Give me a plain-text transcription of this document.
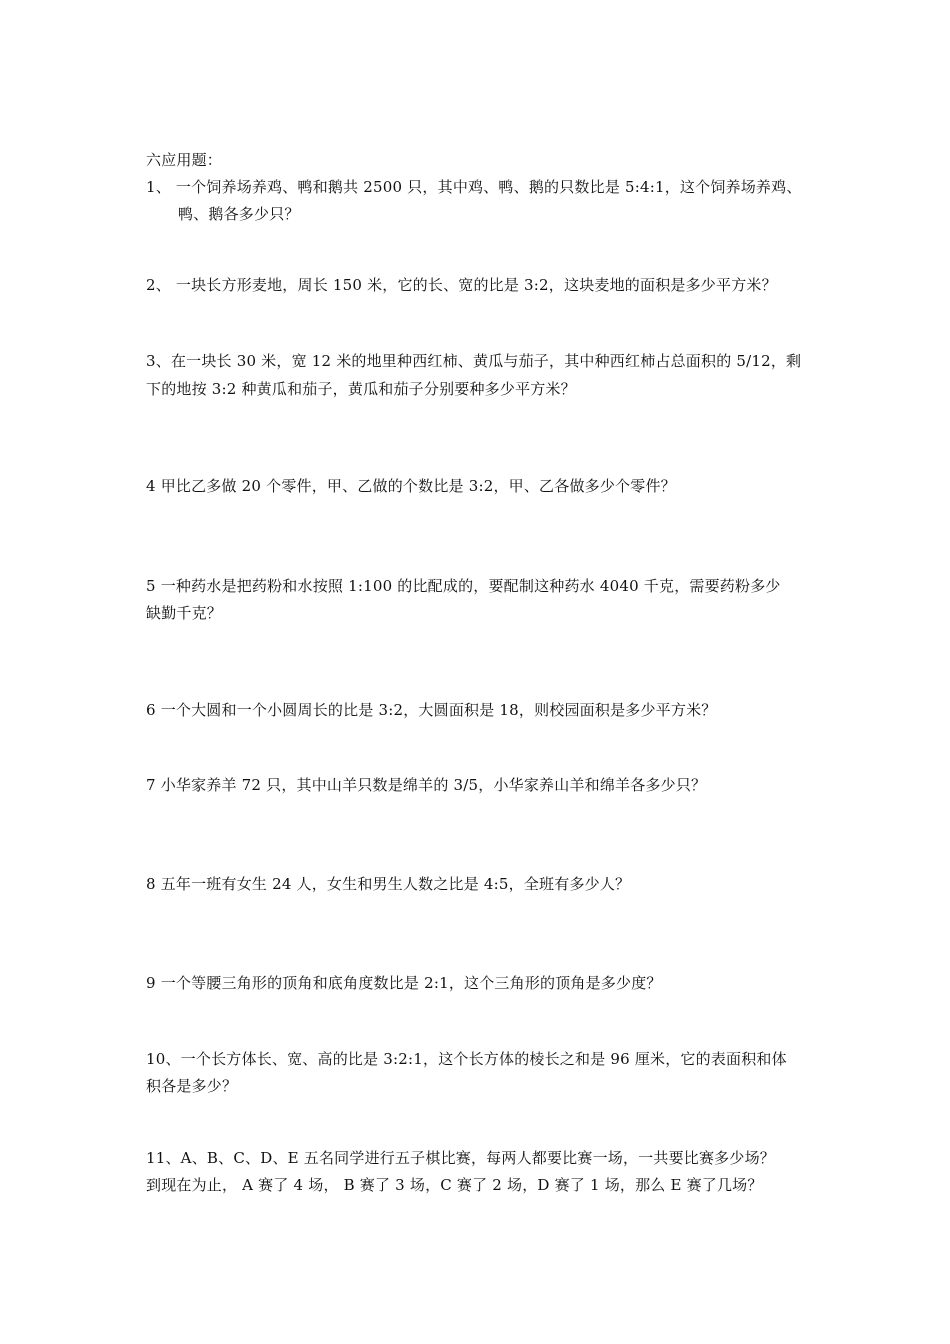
六应用题：
1、 一个饲养场养鸡、鸭和鹅共 2500 只，其中鸡、鸭、鹅的只数比是 5:4:1，这个饲养场养鸡、
鸭、鹅各多少只？
2、 一块长方形麦地，周长 150 米，它的长、宽的比是 3:2，这块麦地的面积是多少平方米？
3、在一块长 30 米，宽 12 米的地里种西红柿、黄瓜与茄子，其中种西红柿占总面积的 5/12，剩
下的地按 3:2 种黄瓜和茄子，黄瓜和茄子分别要种多少平方米？
4 甲比乙多做 20 个零件，甲、乙做的个数比是 3:2，甲、乙各做多少个零件？
5 一种药水是把药粉和水按照 1:100 的比配成的，要配制这种药水 4040 千克，需要药粉多少
缺勤千克？
6 一个大圆和一个小圆周长的比是 3:2，大圆面积是 18，则校园面积是多少平方米？
7 小华家养羊 72 只，其中山羊只数是绵羊的 3/5，小华家养山羊和绵羊各多少只？
8 五年一班有女生 24 人，女生和男生人数之比是 4:5，全班有多少人？
9 一个等腰三角形的顶角和底角度数比是 2:1，这个三角形的顶角是多少度？
10、一个长方体长、宽、高的比是 3:2:1，这个长方体的棱长之和是 96 厘米，它的表面积和体
积各是多少？
11、A、B、C、D、E 五名同学进行五子棋比赛，每两人都要比赛一场，一共要比赛多少场？
到现在为止， A 赛了 4 场， B 赛了 3 场，C 赛了 2 场，D 赛了 1 场，那么 E 赛了几场？
